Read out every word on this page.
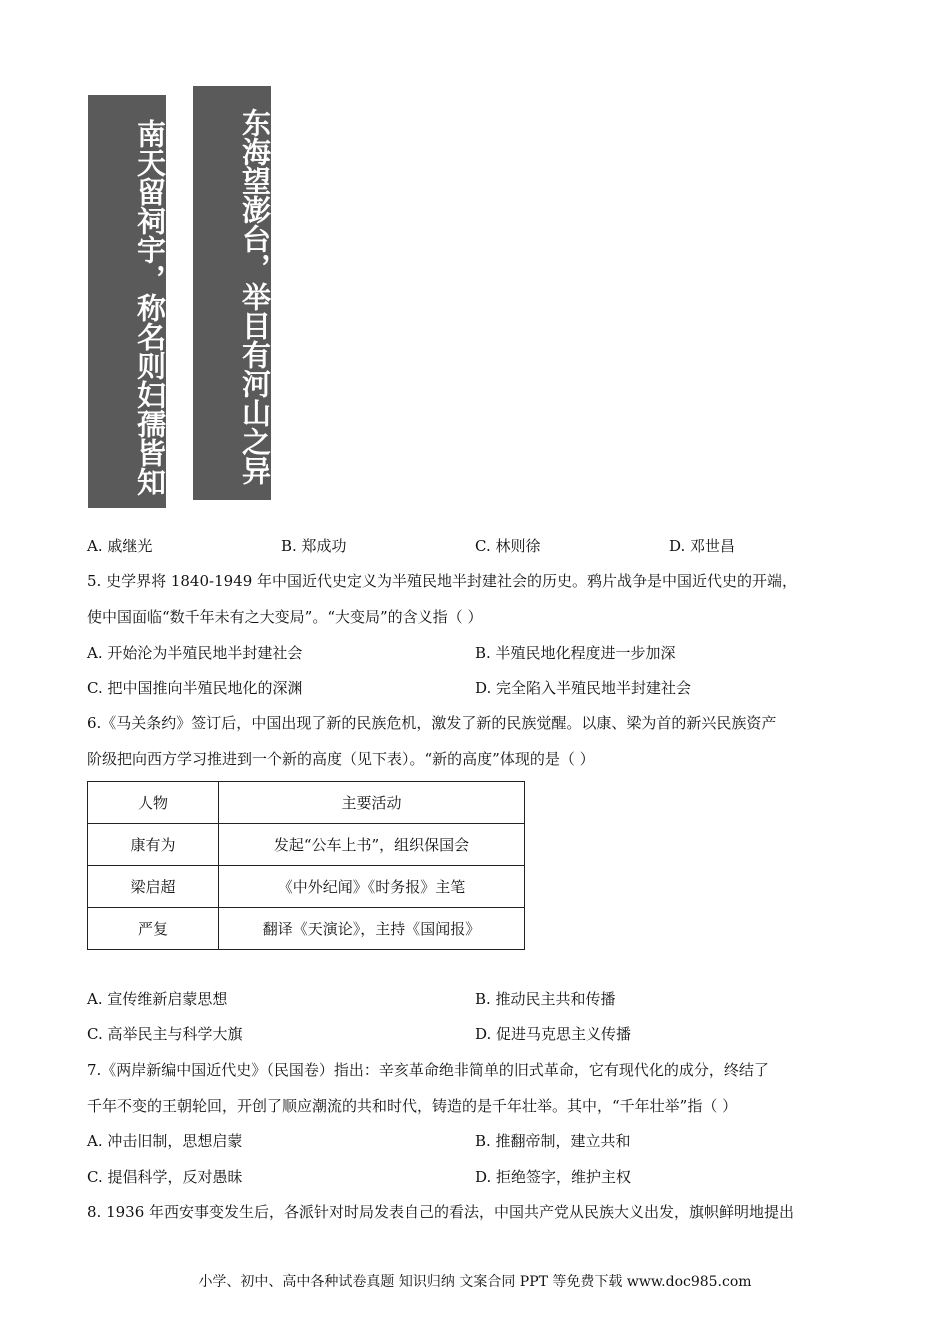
南天留祠宇，称名则妇孺皆知	东海望澎台，举目有河山之异
A. 戚继光	B. 郑成功	C. 林则徐	D. 邓世昌
5. 史学界将 1840-1949 年中国近代史定义为半殖民地半封建社会的历史。鸦片战争是中国近代史的开端，
使中国面临“数千年未有之大变局”。“大变局”的含义指（ ）
A. 开始沦为半殖民地半封建社会	B. 半殖民地化程度进一步加深
C. 把中国推向半殖民地化的深渊	D. 完全陷入半殖民地半封建社会
6.《马关条约》签订后，中国出现了新的民族危机，激发了新的民族觉醒。以康、梁为首的新兴民族资产
阶级把向西方学习推进到一个新的高度（见下表）。“新的高度”体现的是（ ）
人物	主要活动
康有为	发起“公车上书”，组织保国会
梁启超	《中外纪闻》《时务报》主笔
严复	翻译《天演论》，主持《国闻报》
A. 宣传维新启蒙思想	B. 推动民主共和传播
C. 高举民主与科学大旗	D. 促进马克思主义传播
7.《两岸新编中国近代史》（民国卷）指出：辛亥革命绝非简单的旧式革命，它有现代化的成分，终结了
千年不变的王朝轮回，开创了顺应潮流的共和时代，铸造的是千年壮举。其中，“千年壮举”指（ ）
A. 冲击旧制，思想启蒙	B. 推翻帝制，建立共和
C. 提倡科学，反对愚昧	D. 拒绝签字，维护主权
8. 1936 年西安事变发生后，各派针对时局发表自己的看法，中国共产党从民族大义出发，旗帜鲜明地提出
小学、初中、高中各种试卷真题 知识归纳 文案合同 PPT 等免费下载 www.doc985.com
